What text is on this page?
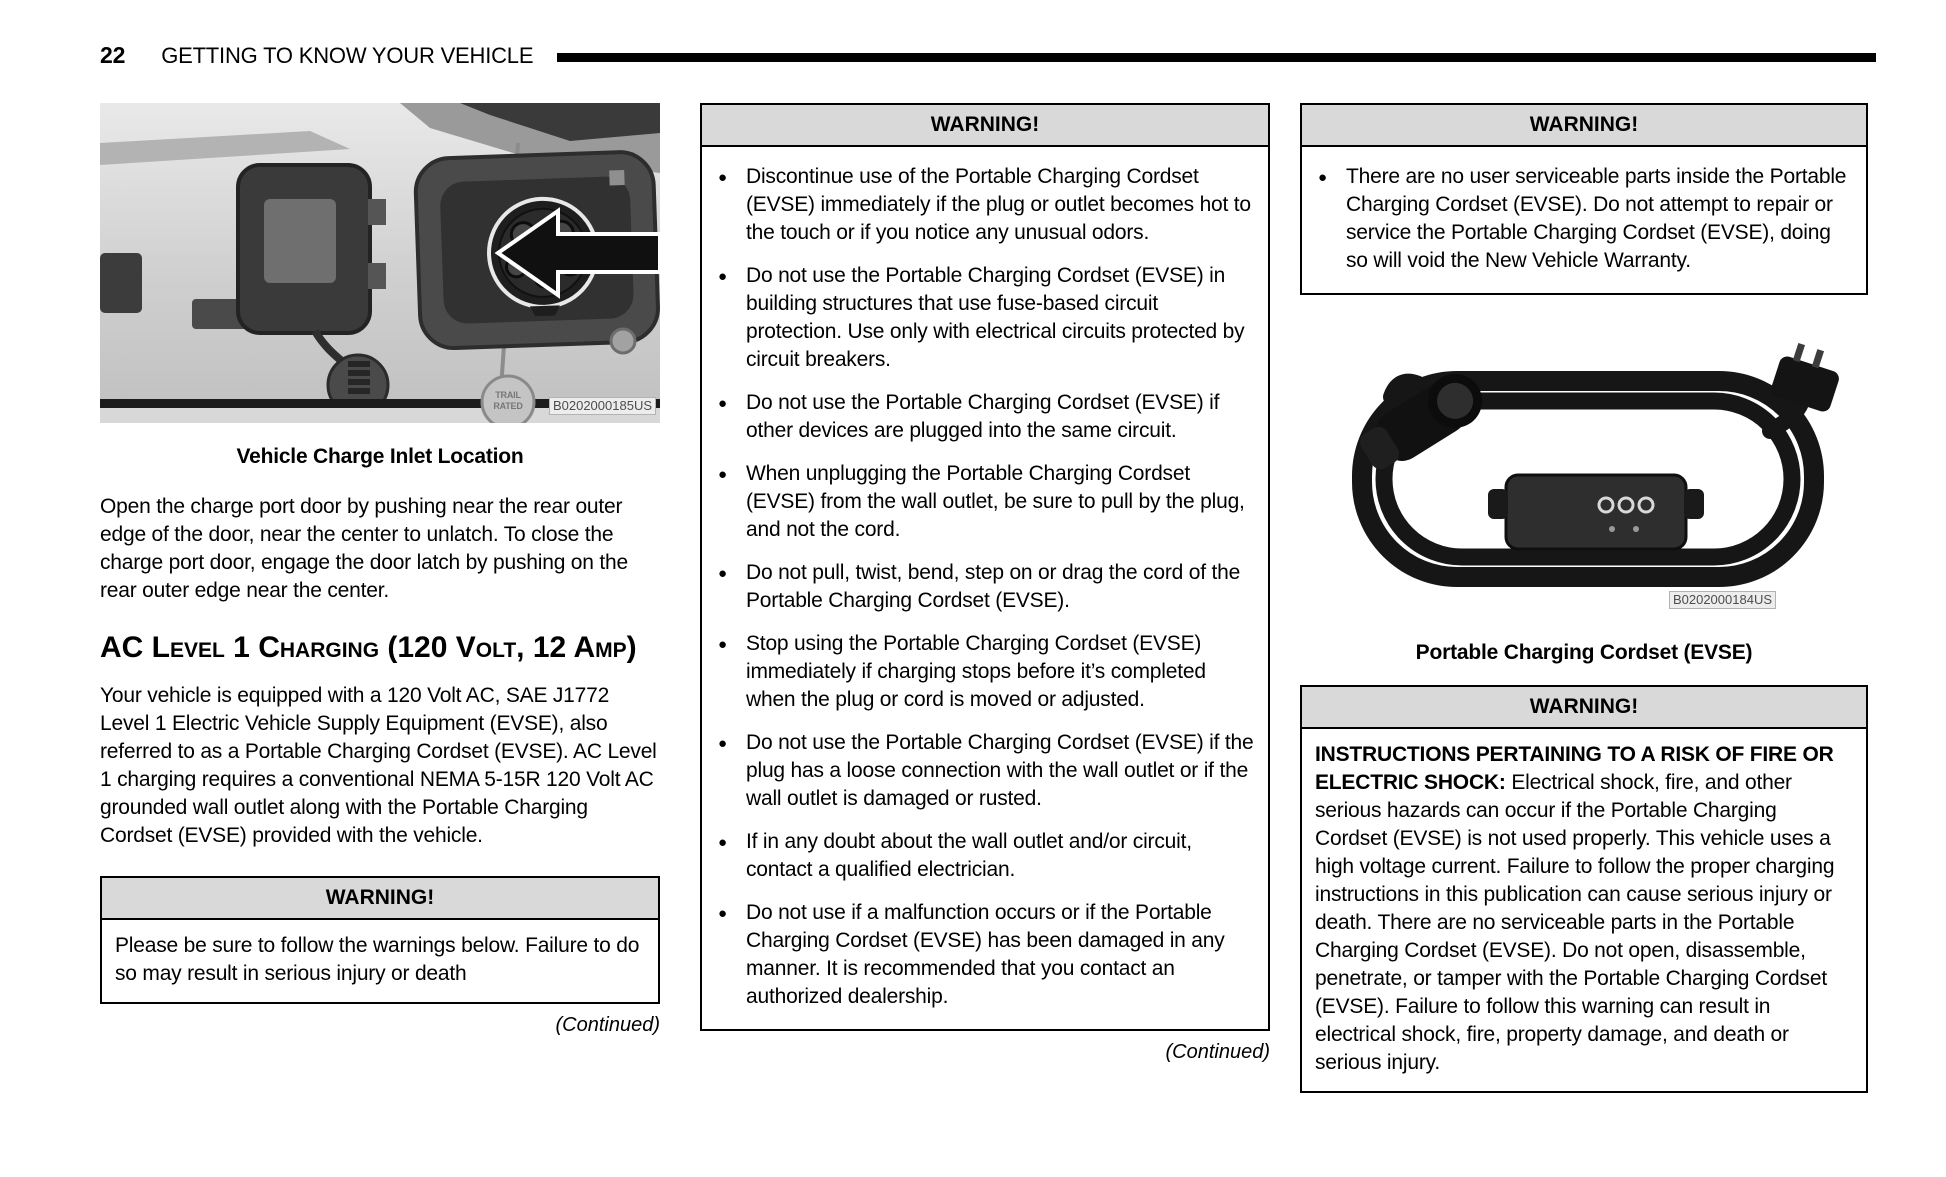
22 GETTING TO KNOW YOUR VEHICLE
TRAIL
RATED	B0202000185US
Vehicle Charge Inlet Location

Open the charge port door by pushing near the rear outer edge of the door, near the center to unlatch. To close the charge port door, engage the door latch by pushing on the rear outer edge near the center.

AC Level 1 Charging (120 Volt, 12 Amp)

Your vehicle is equipped with a 120 Volt AC, SAE J1772 Level 1 Electric Vehicle Supply Equipment (EVSE), also referred to as a Portable Charging Cordset (EVSE). AC Level 1 charging requires a conventional NEMA 5-15R 120 Volt AC grounded wall outlet along with the Portable Charging Cordset (EVSE) provided with the vehicle.

WARNING!

Please be sure to follow the warnings below. Failure to do so may result in serious injury or death

(Continued)
WARNING!
● Discontinue use of the Portable Charging Cordset (EVSE) immediately if the plug or outlet becomes hot to the touch or if you notice any unusual odors.
● Do not use the Portable Charging Cordset (EVSE) in building structures that use fuse-based circuit protection. Use only with electrical circuits protected by circuit breakers.
● Do not use the Portable Charging Cordset (EVSE) if other devices are plugged into the same circuit.
● When unplugging the Portable Charging Cordset (EVSE) from the wall outlet, be sure to pull by the plug, and not the cord.
● Do not pull, twist, bend, step on or drag the cord of the Portable Charging Cordset (EVSE).
● Stop using the Portable Charging Cordset (EVSE) immediately if charging stops before it’s completed when the plug or cord is moved or adjusted.
● Do not use the Portable Charging Cordset (EVSE) if the plug has a loose connection with the wall outlet or if the wall outlet is damaged or rusted.
● If in any doubt about the wall outlet and/or circuit, contact a qualified electrician.
● Do not use if a malfunction occurs or if the Portable Charging Cordset (EVSE) has been damaged in any manner. It is recommended that you contact an authorized dealership.
(Continued)
WARNING!
● There are no user serviceable parts inside the Portable Charging Cordset (EVSE). Do not attempt to repair or service the Portable Charging Cordset (EVSE), doing so will void the New Vehicle Warranty.
B0202000184US
Portable Charging Cordset (EVSE)
WARNING!

INSTRUCTIONS PERTAINING TO A RISK OF FIRE OR ELECTRIC SHOCK: Electrical shock, fire, and other serious hazards can occur if the Portable Charging Cordset (EVSE) is not used properly. This vehicle uses a high voltage current. Failure to follow the proper charging instructions in this publication can cause serious injury or death. There are no serviceable parts in the Portable Charging Cordset (EVSE). Do not open, disassemble, penetrate, or tamper with the Portable Charging Cordset (EVSE). Failure to follow this warning can result in electrical shock, fire, property damage, and death or serious injury.
